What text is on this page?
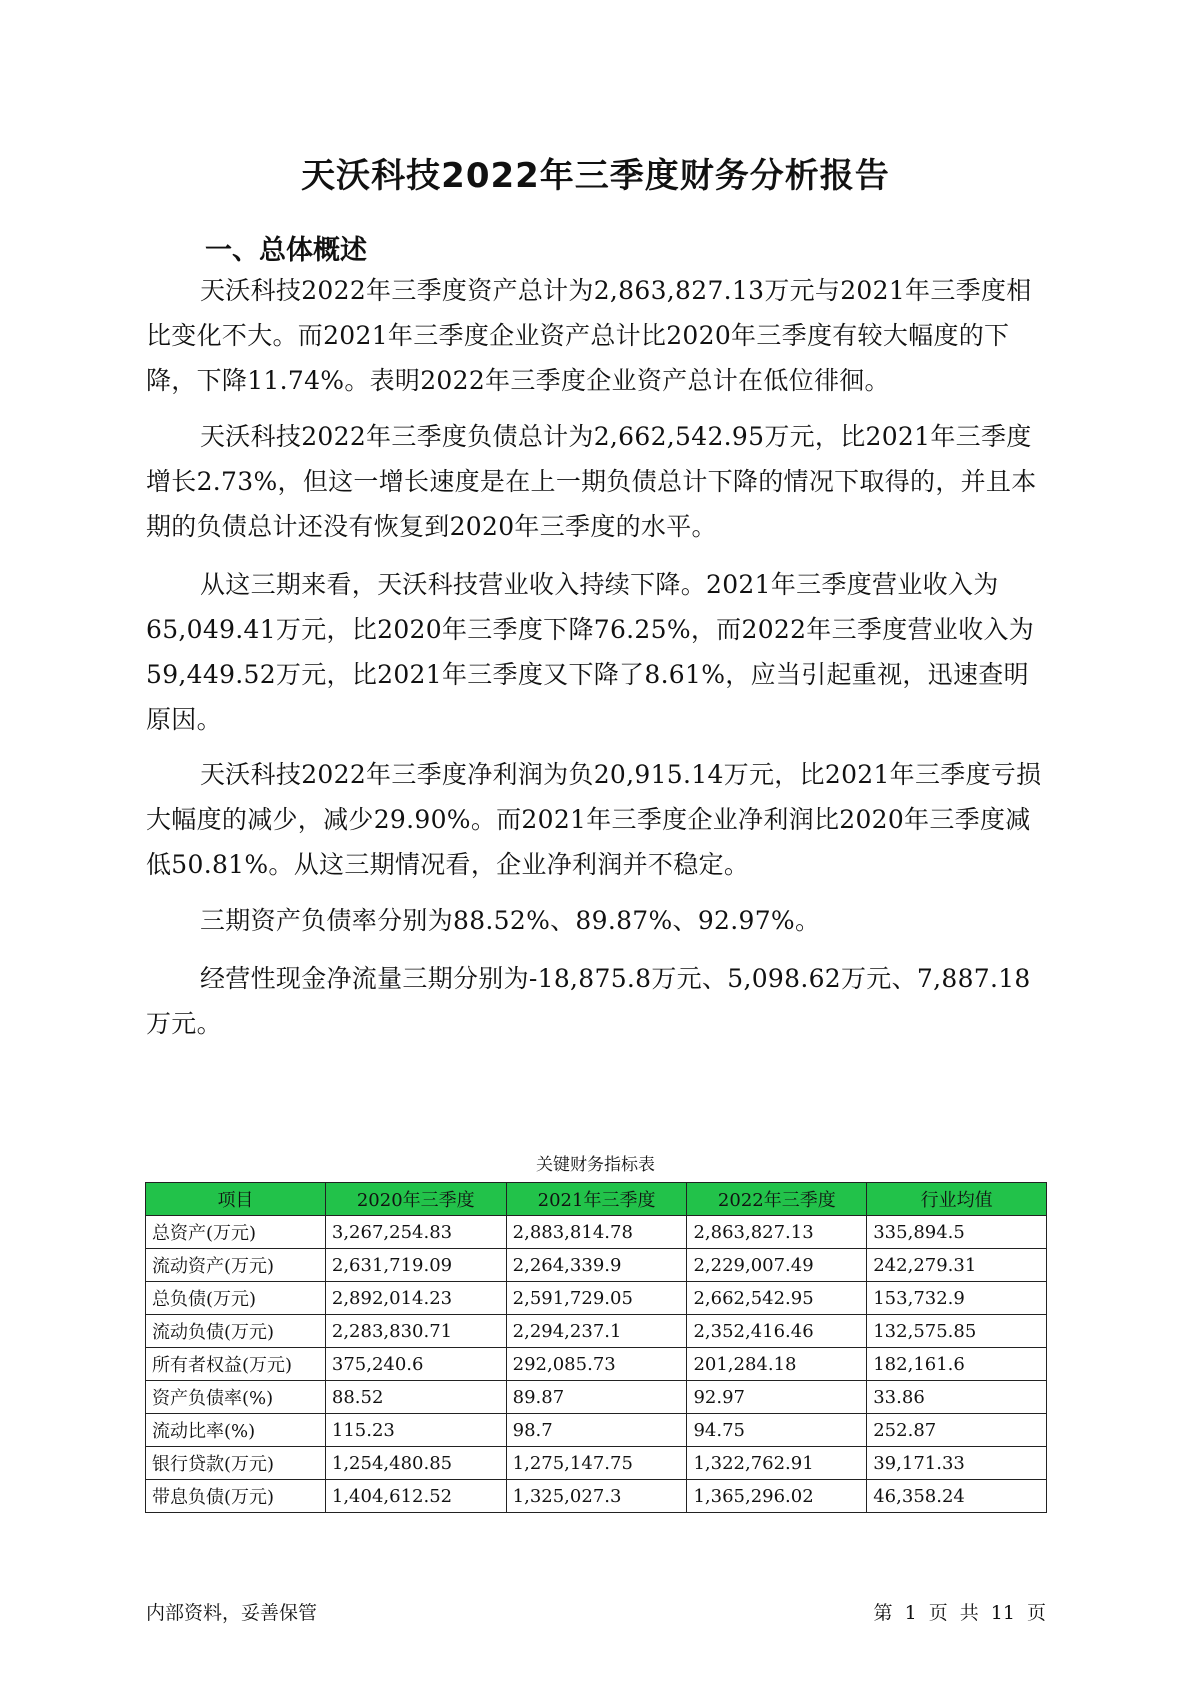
天沃科技2022年三季度财务分析报告
一、总体概述

天沃科技2022年三季度资产总计为2,863,827.13万元与2021年三季度相比变化不大。而2021年三季度企业资产总计比2020年三季度有较大幅度的下降，下降11.74%。表明2022年三季度企业资产总计在低位徘徊。

天沃科技2022年三季度负债总计为2,662,542.95万元，比2021年三季度增长2.73%，但这一增长速度是在上一期负债总计下降的情况下取得的，并且本期的负债总计还没有恢复到2020年三季度的水平。

从这三期来看，天沃科技营业收入持续下降。2021年三季度营业收入为65,049.41万元，比2020年三季度下降76.25%，而2022年三季度营业收入为59,449.52万元，比2021年三季度又下降了8.61%，应当引起重视，迅速查明原因。

天沃科技2022年三季度净利润为负20,915.14万元，比2021年三季度亏损大幅度的减少，减少29.90%。而2021年三季度企业净利润比2020年三季度减低50.81%。从这三期情况看，企业净利润并不稳定。

三期资产负债率分别为88.52%、89.87%、92.97%。

经营性现金净流量三期分别为-18,875.8万元、5,098.62万元、7,887.18万元。

关键财务指标表
项目	2020年三季度	2021年三季度	2022年三季度	行业均值
总资产(万元)	3,267,254.83	2,883,814.78	2,863,827.13	335,894.5
流动资产(万元)	2,631,719.09	2,264,339.9	2,229,007.49	242,279.31
总负债(万元)	2,892,014.23	2,591,729.05	2,662,542.95	153,732.9
流动负债(万元)	2,283,830.71	2,294,237.1	2,352,416.46	132,575.85
所有者权益(万元)	375,240.6	292,085.73	201,284.18	182,161.6
资产负债率(%)	88.52	89.87	92.97	33.86
流动比率(%)	115.23	98.7	94.75	252.87
银行贷款(万元)	1,254,480.85	1,275,147.75	1,322,762.91	39,171.33
带息负债(万元)	1,404,612.52	1,325,027.3	1,365,296.02	46,358.24
内部资料，妥善保管	第 1 页 共 11 页
